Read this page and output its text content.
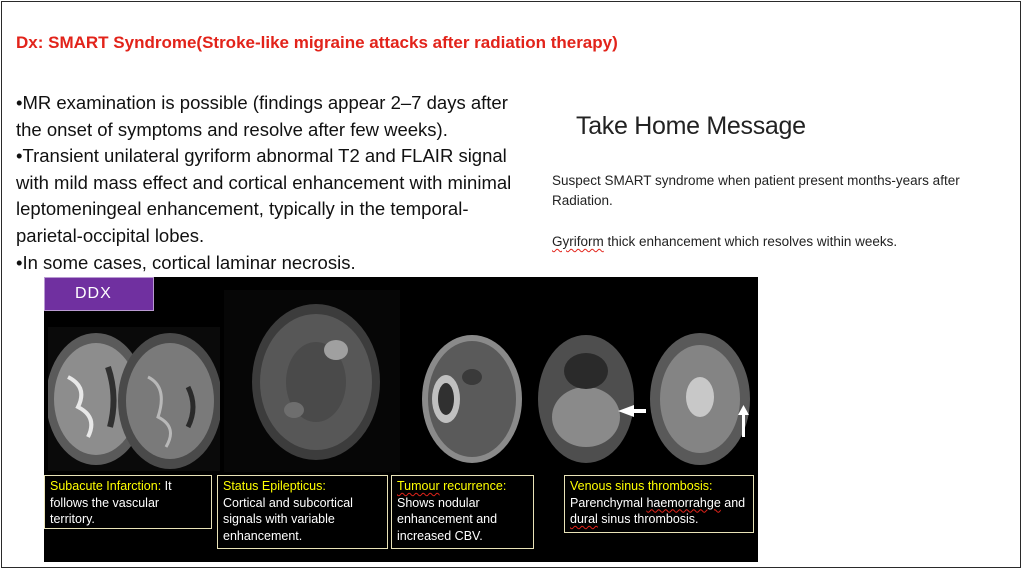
Dx: SMART Syndrome(Stroke-like migraine attacks after radiation therapy)
•MR examination is possible (findings appear 2–7 days after the onset of symptoms and resolve after few weeks).
•Transient unilateral gyriform abnormal T2 and FLAIR signal with mild mass effect and cortical enhancement with minimal leptomeningeal enhancement, typically in the temporal-parietal-occipital lobes.
•In some cases, cortical laminar necrosis.
Take Home Message
Suspect SMART syndrome when patient present months-years after Radiation.
Gyriform thick enhancement which resolves within weeks.
DDX
Subacute Infarction: It follows the vascular territory.
Status Epilepticus:
Cortical and subcortical signals with variable enhancement.
Tumour recurrence:
Shows nodular enhancement and increased CBV.
Venous sinus thrombosis:
Parenchymal haemorrahge and dural sinus thrombosis.
